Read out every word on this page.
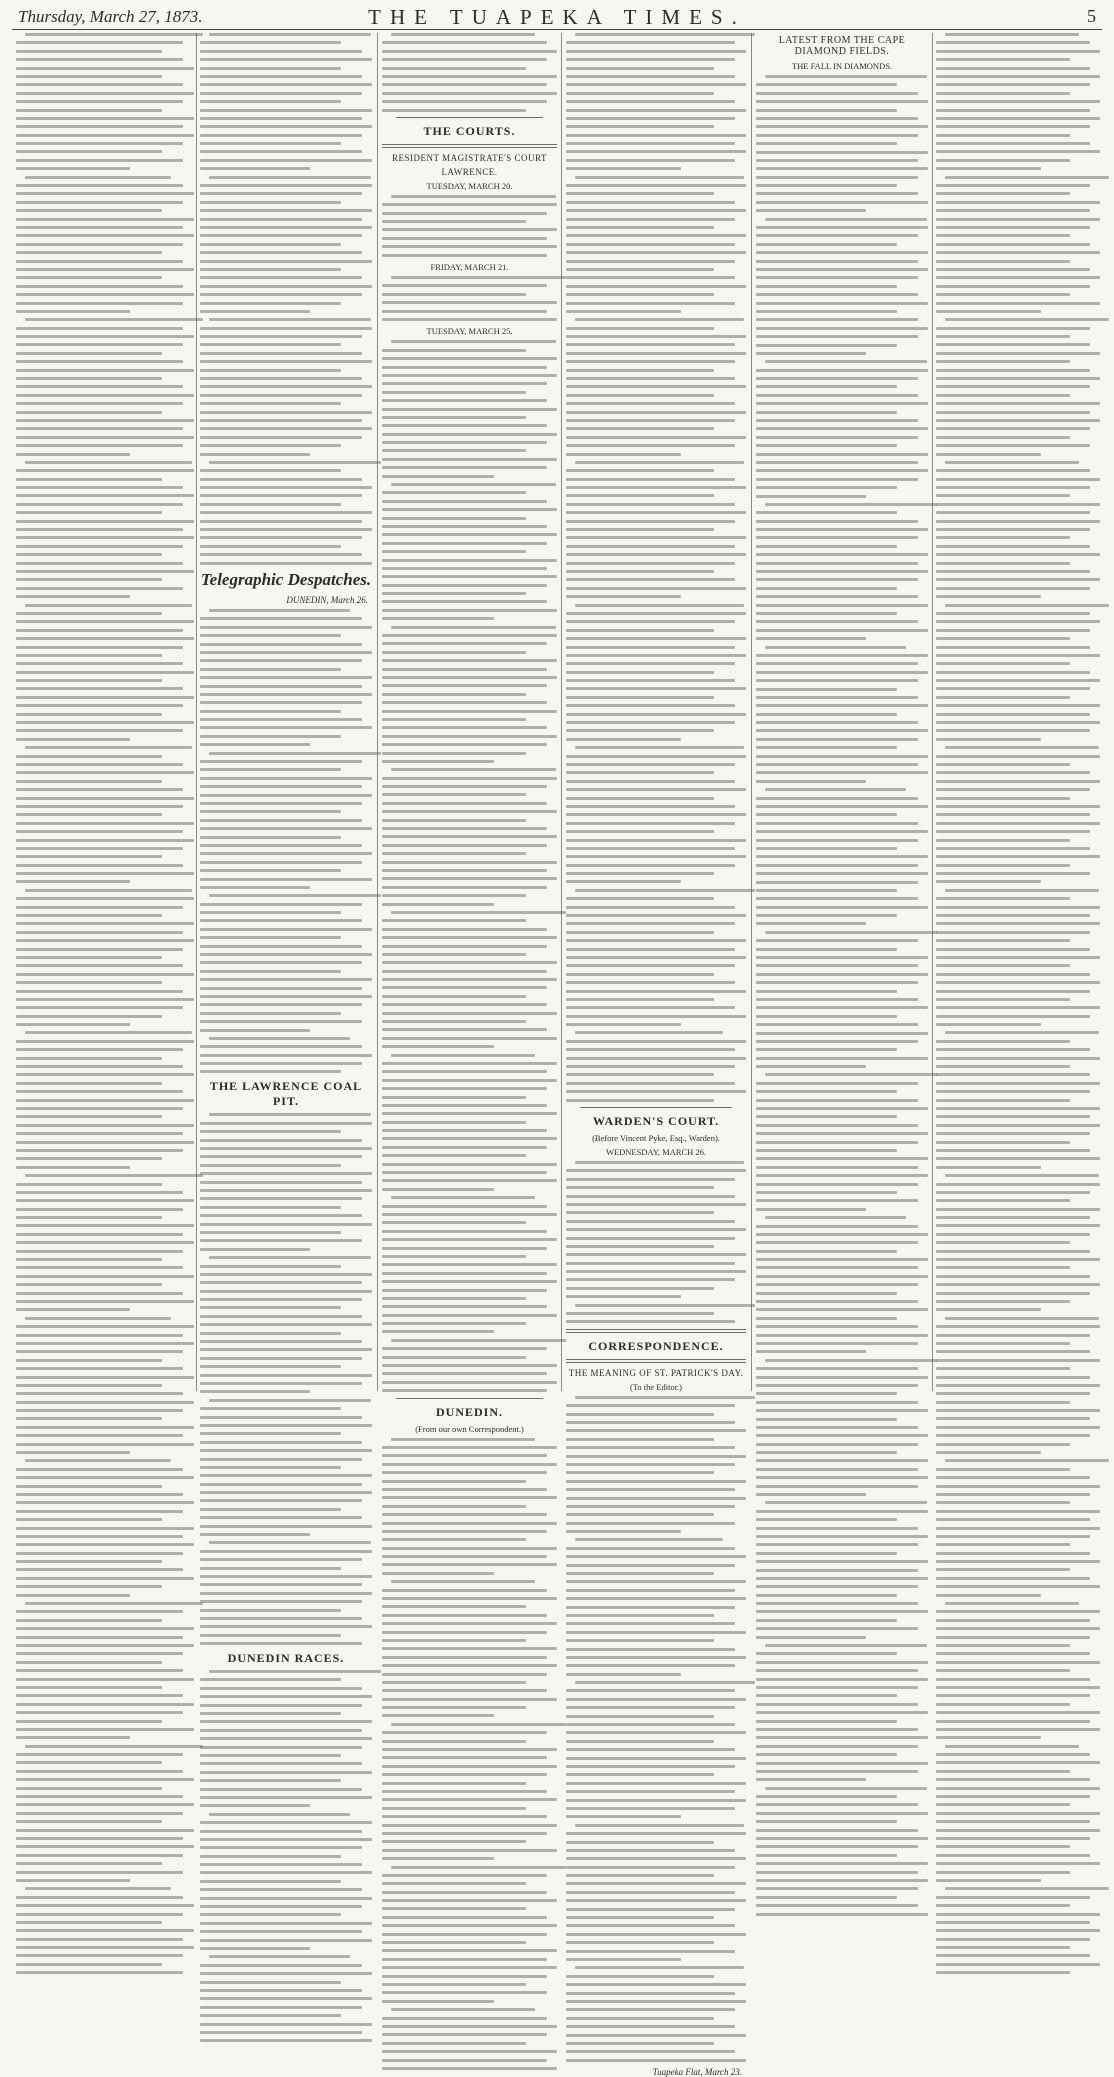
Thursday, March 27, 1873.	THE TUAPEKA TIMES.	5
Telegraphic Despatches.
DUNEDIN, March 26.
THE LAWRENCE COAL PIT.
DUNEDIN RACES.
THE COURTS.
RESIDENT MAGISTRATE'S COURT
LAWRENCE.
TUESDAY, MARCH 20.
FRIDAY, MARCH 21.
TUESDAY, MARCH 25.
DUNEDIN.
(From our own Correspondent.)
WARDEN'S COURT.
(Before Vincent Pyke, Esq., Warden).
WEDNESDAY, MARCH 26.
CORRESPONDENCE.
THE MEANING OF ST. PATRICK'S DAY.
(To the Editor.)
Tuapeka Flat, March 23.
LATEST FROM THE CAPE DIAMOND FIELDS.
THE FALL IN DIAMONDS.
